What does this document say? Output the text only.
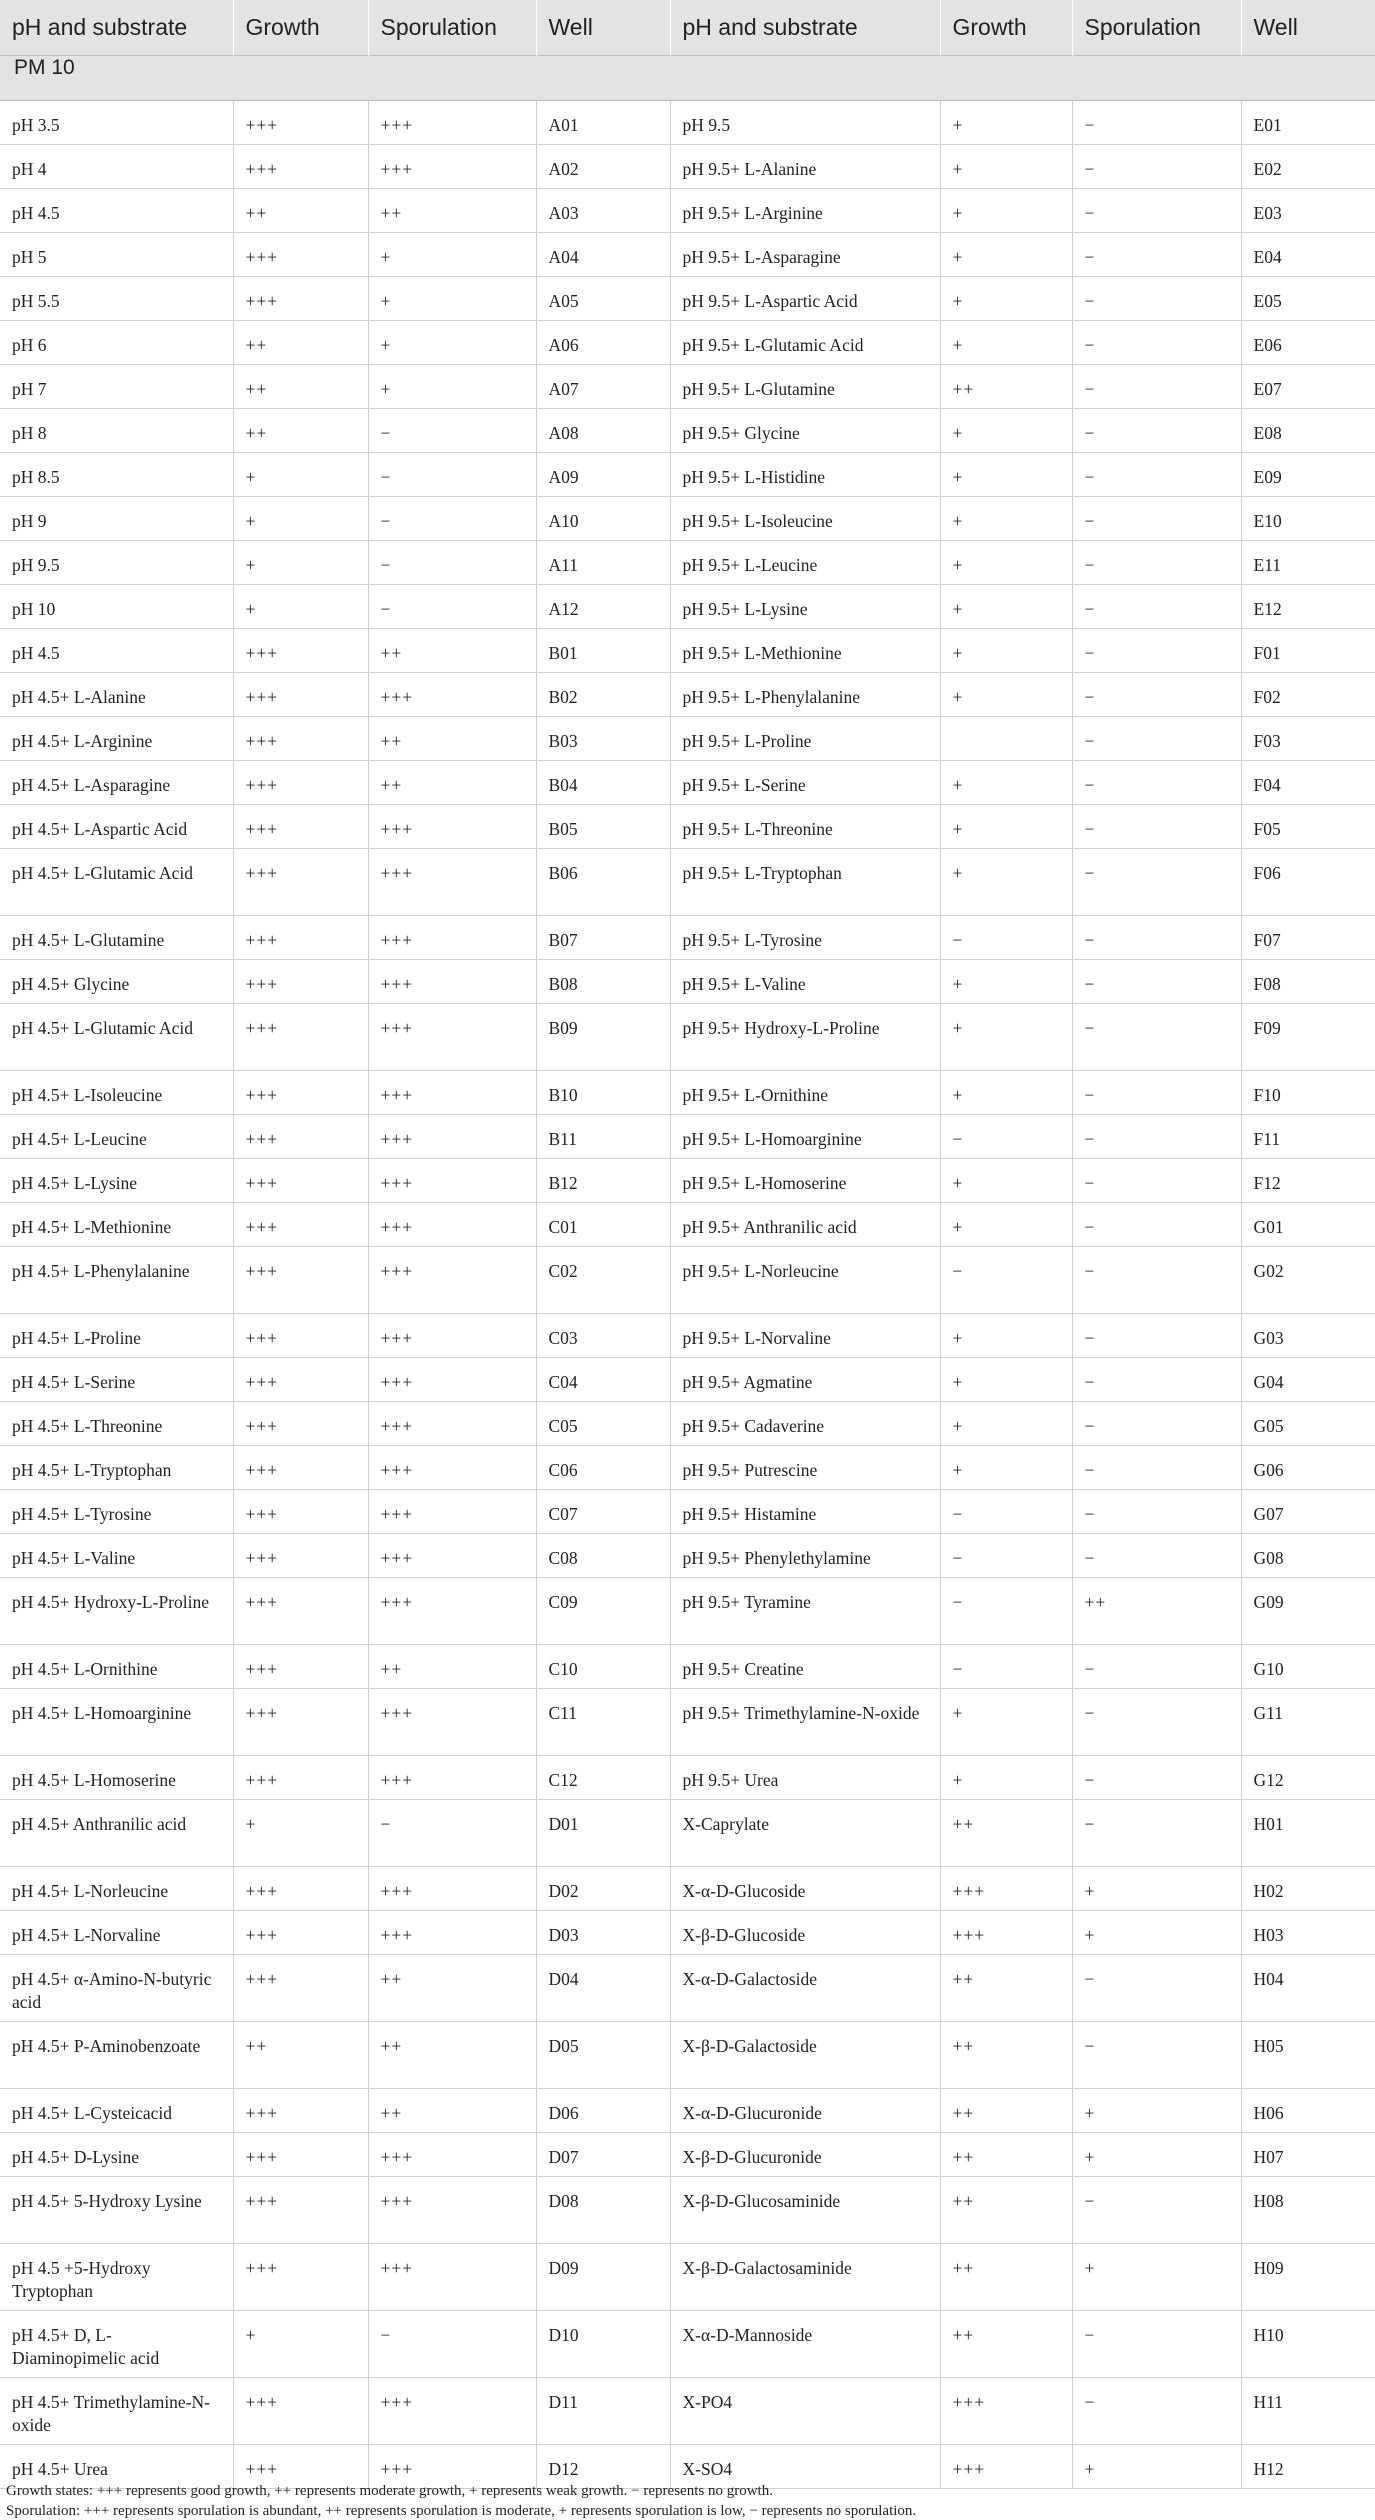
pH and substrate	Growth	Sporulation	Well	pH and substrate	Growth	Sporulation	Well
PM 10							
pH 3.5	+++	+++	A01	pH 9.5	+	−	E01
pH 4	+++	+++	A02	pH 9.5+ L-Alanine	+	−	E02
pH 4.5	++	++	A03	pH 9.5+ L-Arginine	+	−	E03
pH 5	+++	+	A04	pH 9.5+ L-Asparagine	+	−	E04
pH 5.5	+++	+	A05	pH 9.5+ L-Aspartic Acid	+	−	E05
pH 6	++	+	A06	pH 9.5+ L-Glutamic Acid	+	−	E06
pH 7	++	+	A07	pH 9.5+ L-Glutamine	++	−	E07
pH 8	++	−	A08	pH 9.5+ Glycine	+	−	E08
pH 8.5	+	−	A09	pH 9.5+ L-Histidine	+	−	E09
pH 9	+	−	A10	pH 9.5+ L-Isoleucine	+	−	E10
pH 9.5	+	−	A11	pH 9.5+ L-Leucine	+	−	E11
pH 10	+	−	A12	pH 9.5+ L-Lysine	+	−	E12
pH 4.5	+++	++	B01	pH 9.5+ L-Methionine	+	−	F01
pH 4.5+ L-Alanine	+++	+++	B02	pH 9.5+ L-Phenylalanine	+	−	F02
pH 4.5+ L-Arginine	+++	++	B03	pH 9.5+ L-Proline		−	F03
pH 4.5+ L-Asparagine	+++	++	B04	pH 9.5+ L-Serine	+	−	F04
pH 4.5+ L-Aspartic Acid	+++	+++	B05	pH 9.5+ L-Threonine	+	−	F05
pH 4.5+ L-Glutamic Acid	+++	+++	B06	pH 9.5+ L-Tryptophan	+	−	F06
pH 4.5+ L-Glutamine	+++	+++	B07	pH 9.5+ L-Tyrosine	−	−	F07
pH 4.5+ Glycine	+++	+++	B08	pH 9.5+ L-Valine	+	−	F08
pH 4.5+ L-Glutamic Acid	+++	+++	B09	pH 9.5+ Hydroxy-L-Proline	+	−	F09
pH 4.5+ L-Isoleucine	+++	+++	B10	pH 9.5+ L-Ornithine	+	−	F10
pH 4.5+ L-Leucine	+++	+++	B11	pH 9.5+ L-Homoarginine	−	−	F11
pH 4.5+ L-Lysine	+++	+++	B12	pH 9.5+ L-Homoserine	+	−	F12
pH 4.5+ L-Methionine	+++	+++	C01	pH 9.5+ Anthranilic acid	+	−	G01
pH 4.5+ L-Phenylalanine	+++	+++	C02	pH 9.5+ L-Norleucine	−	−	G02
pH 4.5+ L-Proline	+++	+++	C03	pH 9.5+ L-Norvaline	+	−	G03
pH 4.5+ L-Serine	+++	+++	C04	pH 9.5+ Agmatine	+	−	G04
pH 4.5+ L-Threonine	+++	+++	C05	pH 9.5+ Cadaverine	+	−	G05
pH 4.5+ L-Tryptophan	+++	+++	C06	pH 9.5+ Putrescine	+	−	G06
pH 4.5+ L-Tyrosine	+++	+++	C07	pH 9.5+ Histamine	−	−	G07
pH 4.5+ L-Valine	+++	+++	C08	pH 9.5+ Phenylethylamine	−	−	G08
pH 4.5+ Hydroxy-L-Proline	+++	+++	C09	pH 9.5+ Tyramine	−	++	G09
pH 4.5+ L-Ornithine	+++	++	C10	pH 9.5+ Creatine	−	−	G10
pH 4.5+ L-Homoarginine	+++	+++	C11	pH 9.5+ Trimethylamine-N-oxide	+	−	G11
pH 4.5+ L-Homoserine	+++	+++	C12	pH 9.5+ Urea	+	−	G12
pH 4.5+ Anthranilic acid	+	−	D01	X-Caprylate	++	−	H01
pH 4.5+ L-Norleucine	+++	+++	D02	X-α-D-Glucoside	+++	+	H02
pH 4.5+ L-Norvaline	+++	+++	D03	X-β-D-Glucoside	+++	+	H03
pH 4.5+ α-Amino-N-butyric acid	+++	++	D04	X-α-D-Galactoside	++	−	H04
pH 4.5+ P-Aminobenzoate	++	++	D05	X-β-D-Galactoside	++	−	H05
pH 4.5+ L-Cysteicacid	+++	++	D06	X-α-D-Glucuronide	++	+	H06
pH 4.5+ D-Lysine	+++	+++	D07	X-β-D-Glucuronide	++	+	H07
pH 4.5+ 5-Hydroxy Lysine	+++	+++	D08	X-β-D-Glucosaminide	++	−	H08
pH 4.5 +5-Hydroxy Tryptophan	+++	+++	D09	X-β-D-Galactosaminide	++	+	H09
pH 4.5+ D, L-Diaminopimelic acid	+	−	D10	X-α-D-Mannoside	++	−	H10
pH 4.5+ Trimethylamine-N-oxide	+++	+++	D11	X-PO4	+++	−	H11
pH 4.5+ Urea	+++	+++	D12	X-SO4	+++	+	H12
Growth states: +++ represents good growth, ++ represents moderate growth, + represents weak growth. − represents no growth.
Sporulation: +++ represents sporulation is abundant, ++ represents sporulation is moderate, + represents sporulation is low, − represents no sporulation.
